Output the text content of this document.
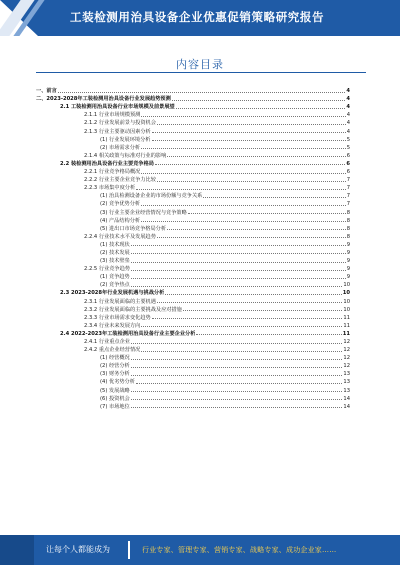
工装检测用治具设备企业优惠促销策略研究报告
内容目录
一、前言	4
二、2023-2028年工装检测用治具设备行业发展趋势预测	4
2.1 工装检测用治具设备行业市场规模及前景展望	4
2.1.1 行业市场规模预测	4
2.1.2 行业发展前景与投资机会	4
2.1.3 行业主要驱动因素分析	4
(1) 行业发展环境分析	5
(2) 市场需求分析	5
2.1.4 相关政策与标准对行业的影响	6
2.2 装检测用治具设备行业主要竞争格局	6
2.2.1 行业竞争格局概况	6
2.2.2 行业主要企业竞争力比较	7
2.2.3 市场集中度分析	7
(1) 治具检测设备企业的市场份额与竞争关系	7
(2) 竞争优势分析	7
(3) 行业主要企业经营情况与竞争策略	8
(4) 产品结构分析	8
(5) 进出口市场竞争格局分析	8
2.2.4 行业技术水平及发展趋势	8
(1) 技术现状	9
(2) 技术发展	9
(3) 技术壁垒	9
2.2.5 行业竞争趋势	9
(1) 竞争趋势	9
(2) 竞争热点	10
2.3 2023-2028年行业发展机遇与挑战分析	10
2.3.1 行业发展面临的主要机遇	10
2.3.2 行业发展面临的主要挑战及应对措施	10
2.3.3 行业市场需求变化趋势	11
2.3.4 行业未来发展方向	11
2.4 2022-2023年工装检测用治具设备行业主要企业分析	11
2.4.1 行业重点企业	12
2.4.2 重点企业经营情况	12
(1) 经营概况	12
(2) 经营分析	12
(3) 财务分析	13
(4) 优劣势分析	13
(5) 发展战略	13
(6) 投资机会	14
(7) 市场地位	14
让每个人都能成为	行业专家、管理专家、营销专家、战略专家、成功企业家……
